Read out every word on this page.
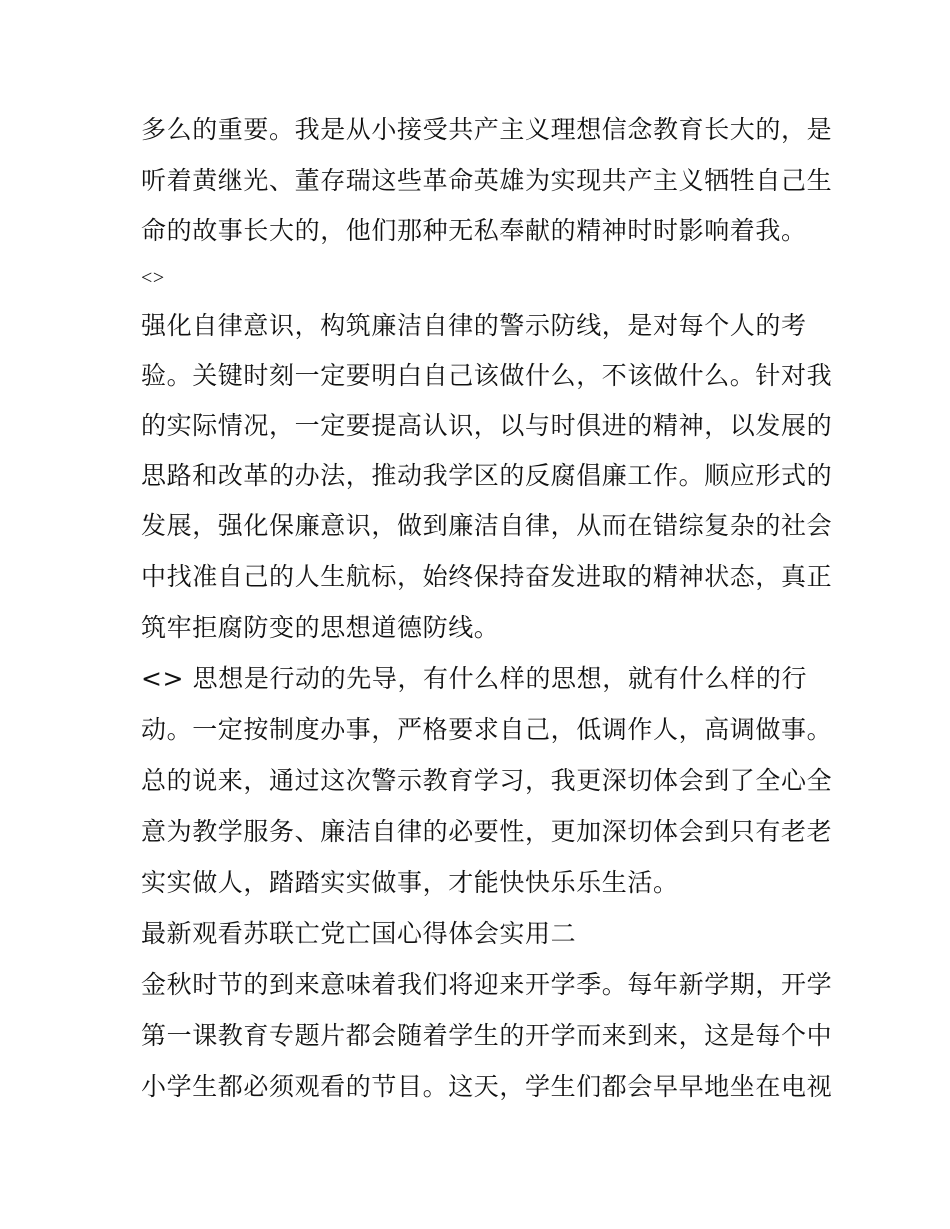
多么的重要。我是从小接受共产主义理想信念教育长大的，是
听着黄继光、董存瑞这些革命英雄为实现共产主义牺牲自己生
命的故事长大的，他们那种无私奉献的精神时时影响着我。
<>
强化自律意识，构筑廉洁自律的警示防线，是对每个人的考
验。关键时刻一定要明白自己该做什么，不该做什么。针对我
的实际情况，一定要提高认识，以与时俱进的精神，以发展的
思路和改革的办法，推动我学区的反腐倡廉工作。顺应形式的
发展，强化保廉意识，做到廉洁自律，从而在错综复杂的社会
中找准自己的人生航标，始终保持奋发进取的精神状态，真正
筑牢拒腐防变的思想道德防线。
<> 思想是行动的先导，有什么样的思想，就有什么样的行
动。一定按制度办事，严格要求自己，低调作人，高调做事。
总的说来，通过这次警示教育学习，我更深切体会到了全心全
意为教学服务、廉洁自律的必要性，更加深切体会到只有老老
实实做人，踏踏实实做事，才能快快乐乐生活。
最新观看苏联亡党亡国心得体会实用二
金秋时节的到来意味着我们将迎来开学季。每年新学期，开学
第一课教育专题片都会随着学生的开学而来到来，这是每个中
小学生都必须观看的节目。这天，学生们都会早早地坐在电视
